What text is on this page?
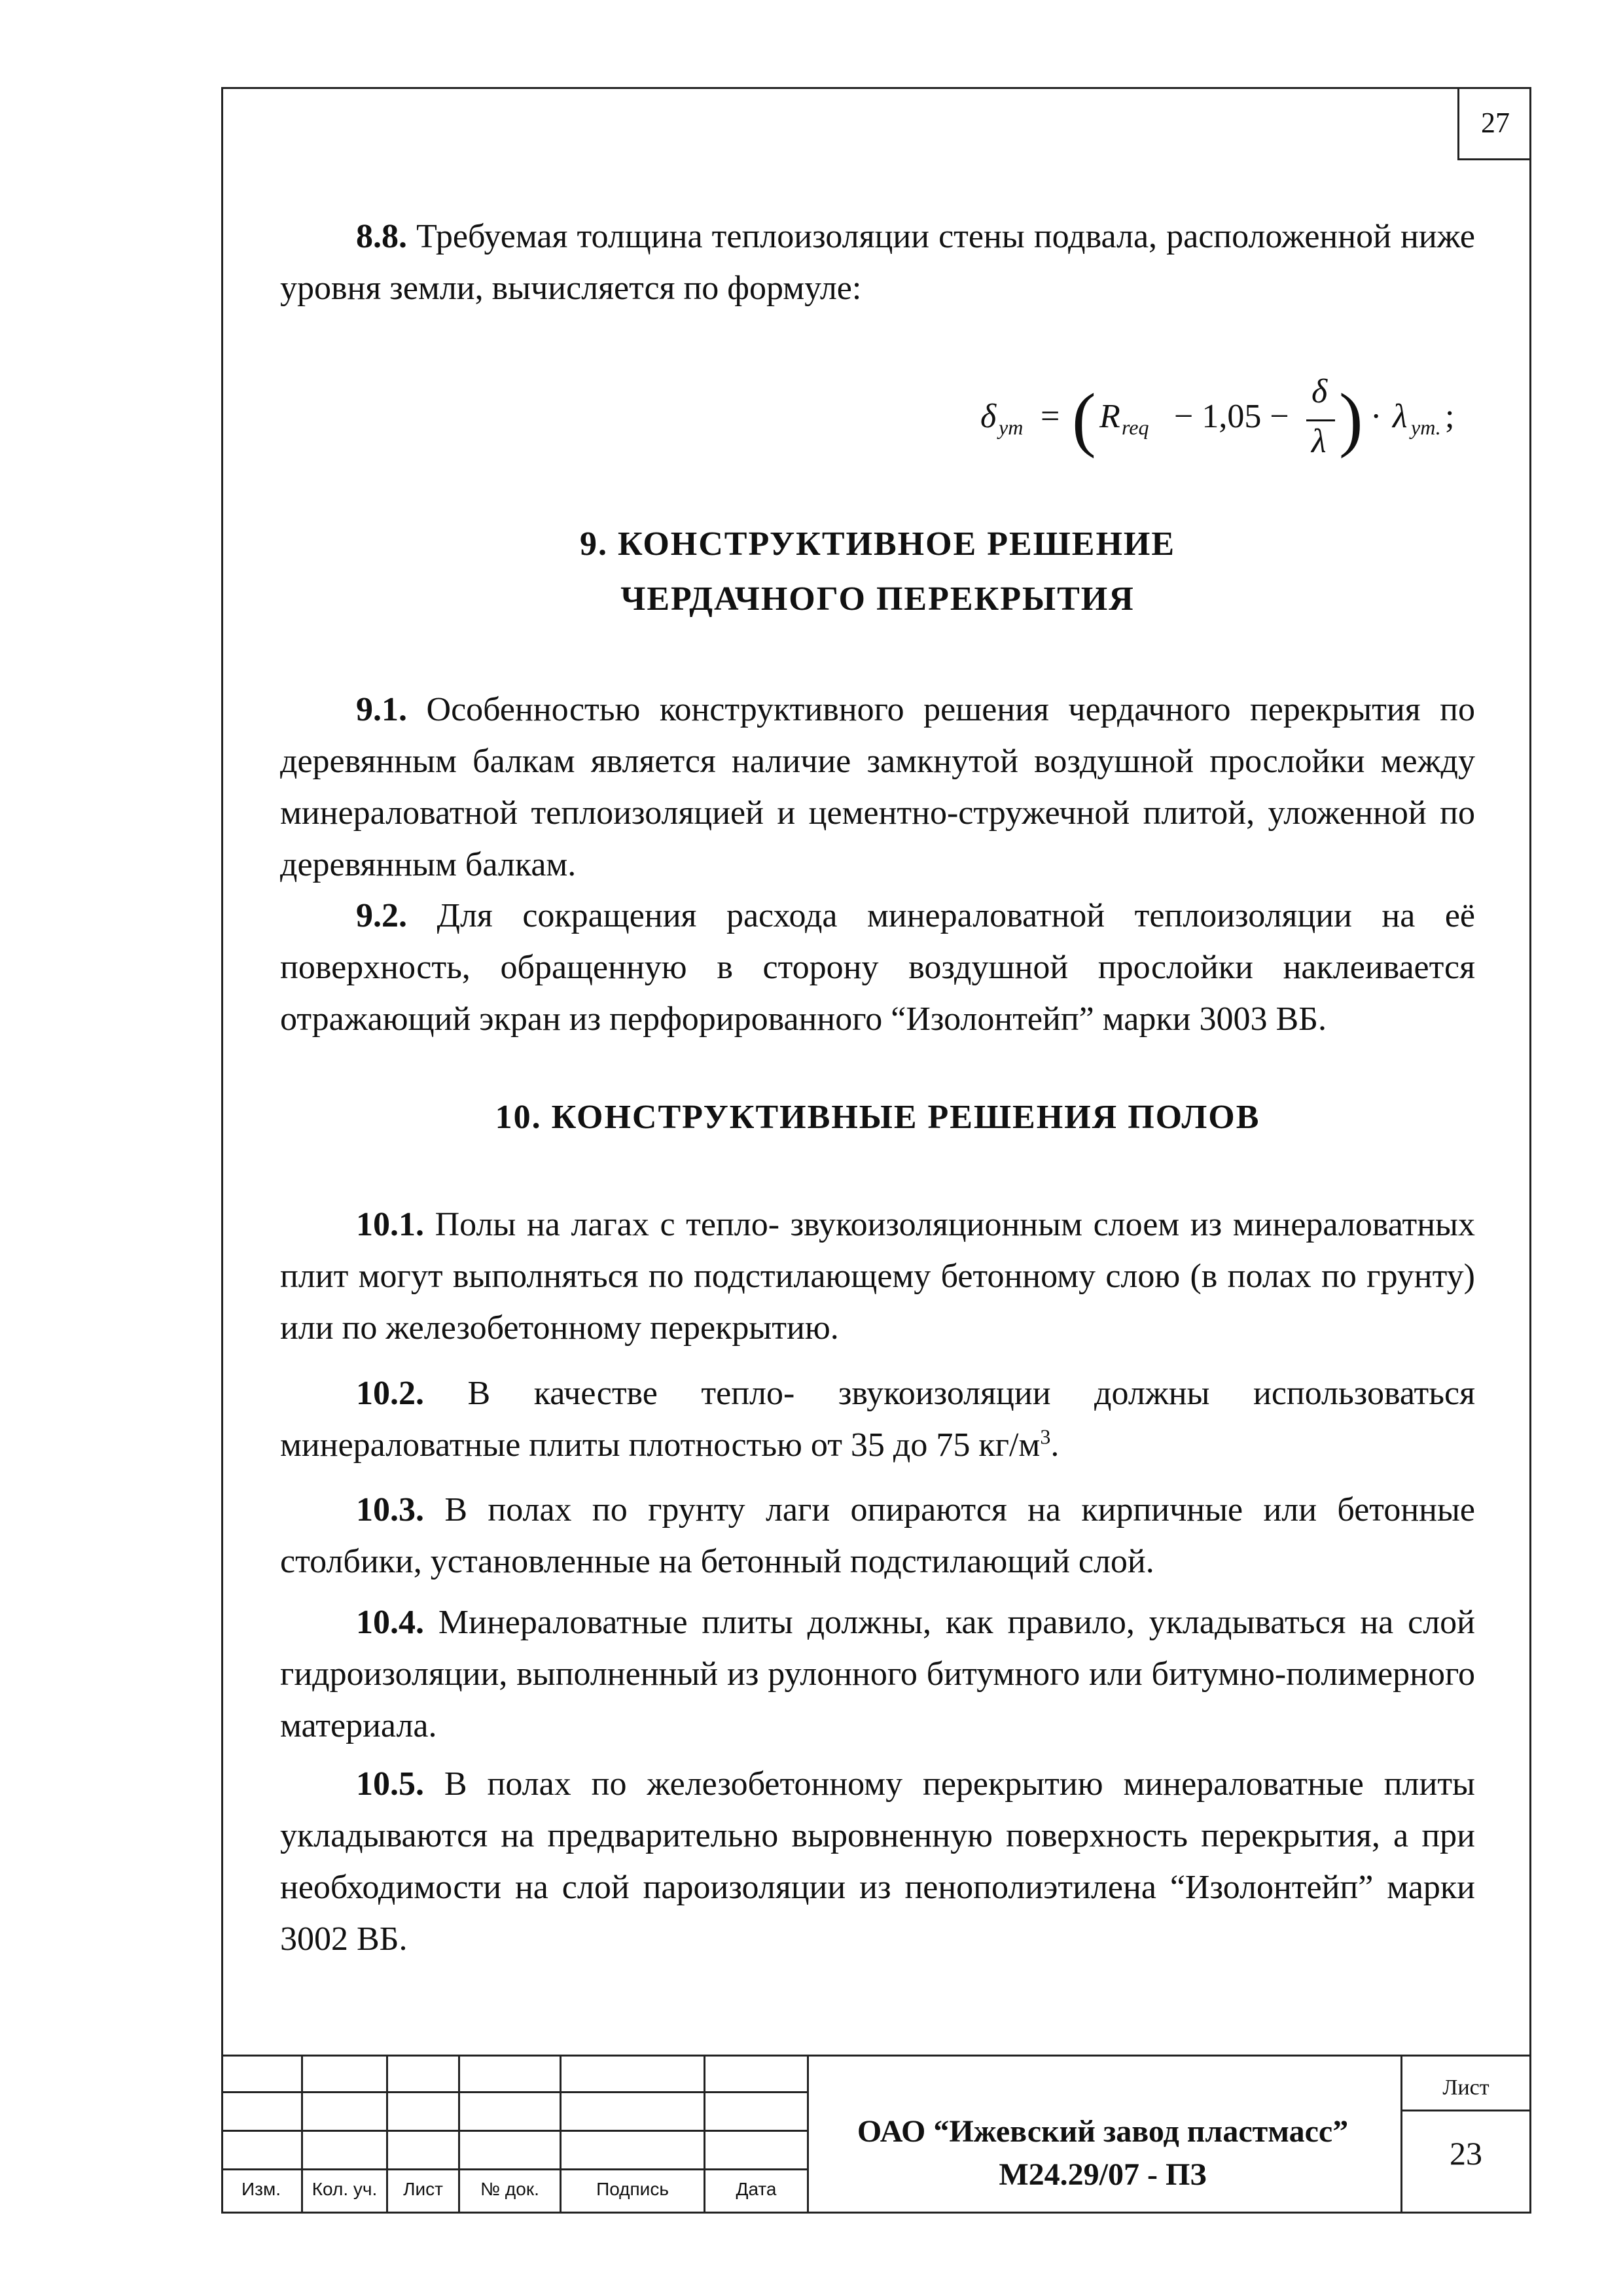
27

8.8. Требуемая толщина теплоизоляции стены подвала, расположенной ниже уровня земли, вычисляется по формуле:

δ ут = ( R req − 1,05 −
δ
λ ) · λ ут. ;

9. КОНСТРУКТИВНОЕ РЕШЕНИЕ

ЧЕРДАЧНОГО ПЕРЕКРЫТИЯ

9.1. Особенностью конструктивного решения чердачного перекрытия по деревянным балкам является наличие замкнутой воздушной прослойки между минераловатной теплоизоляцией и цементно-стружечной плитой, уложенной по деревянным балкам.

9.2. Для сокращения расхода минераловатной теплоизоляции на её поверхность, обращенную в сторону воздушной прослойки наклеивается отражающий экран из перфорированного “Изолонтейп” марки 3003 ВБ.

10. КОНСТРУКТИВНЫЕ РЕШЕНИЯ ПОЛОВ

10.1. Полы на лагах с тепло- звукоизоляционным слоем из минераловатных плит могут выполняться по подстилающему бетонному слою (в полах по грунту) или по железобетонному перекрытию.

10.2. В качестве тепло- звукоизоляции должны использоваться минераловатные плиты плотностью от 35 до 75 $кг/м^3$.

10.3. В полах по грунту лаги опираются на кирпичные или бетонные столбики, установленные на бетонный подстилающий слой.

10.4. Минераловатные плиты должны, как правило, укладываться на слой гидроизоляции, выполненный из рулонного битумного или битумно-полимерного материала.

10.5. В полах по железобетонному перекрытию минераловатные плиты укладываются на предварительно выровненную поверхность перекрытия, а при необходимости на слой пароизоляции из пенополиэтилена “Изолонтейп” марки 3002 ВБ.

Изм.	Кол. уч.	Лист	№ док.	Подпись	Дата
ОАО “Ижевский завод пластмасс”
М24.29/07 - ПЗ
Лист
23
